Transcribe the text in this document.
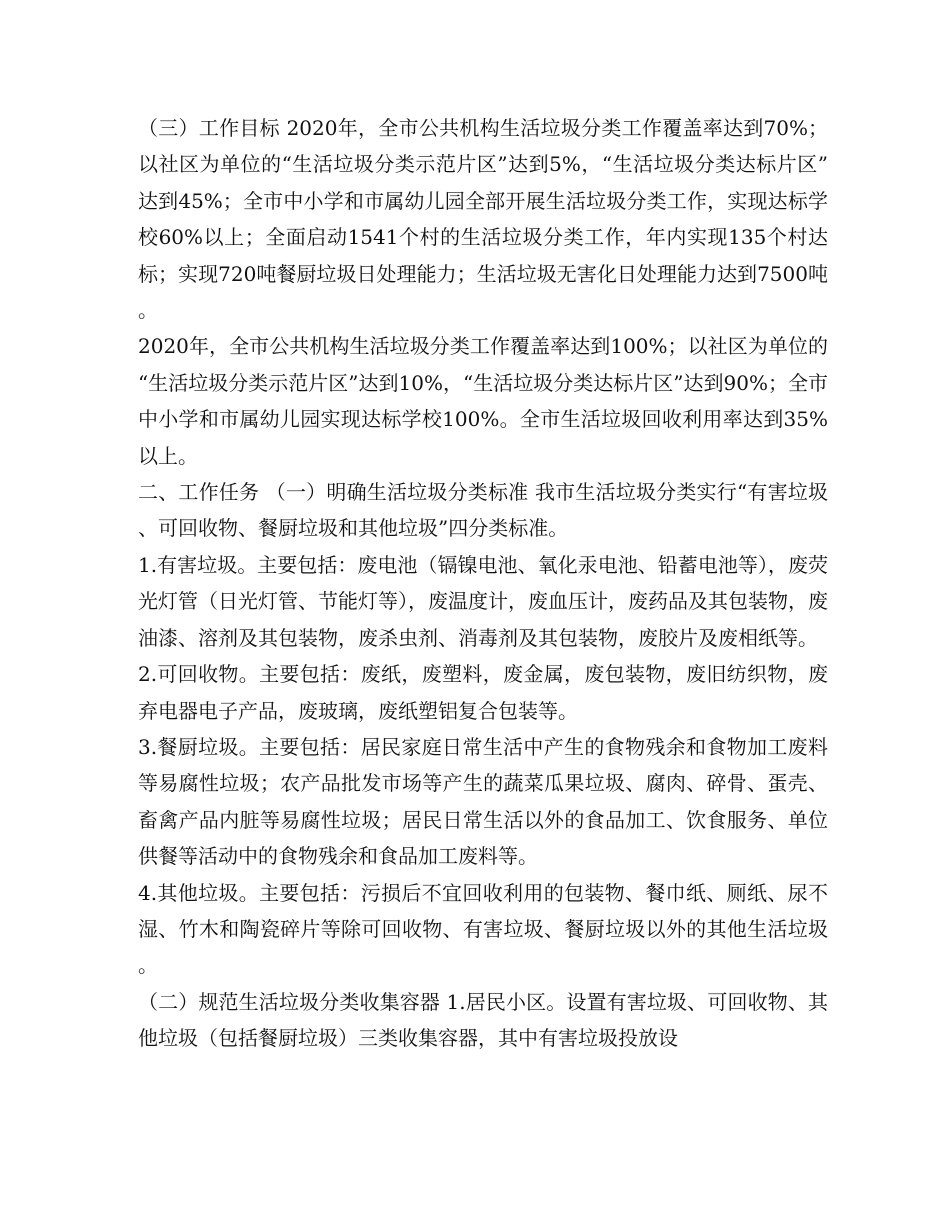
（三）工作目标 2020年，全市公共机构生活垃圾分类工作覆盖率达到70%；以社区为单位的“生活垃圾分类示范片区”达到5%，“生活垃圾分类达标片区”达到45%；全市中小学和市属幼儿园全部开展生活垃圾分类工作，实现达标学校60%以上；全面启动1541个村的生活垃圾分类工作，年内实现135个村达标；实现720吨餐厨垃圾日处理能力；生活垃圾无害化日处理能力达到7500吨。

2020年，全市公共机构生活垃圾分类工作覆盖率达到100%；以社区为单位的“生活垃圾分类示范片区”达到10%，“生活垃圾分类达标片区”达到90%；全市中小学和市属幼儿园实现达标学校100%。全市生活垃圾回收利用率达到35%以上。

二、工作任务 （一）明确生活垃圾分类标准 我市生活垃圾分类实行“有害垃圾、可回收物、餐厨垃圾和其他垃圾”四分类标准。

1.有害垃圾。主要包括：废电池（镉镍电池、氧化汞电池、铅蓄电池等），废荧光灯管（日光灯管、节能灯等），废温度计，废血压计，废药品及其包装物，废油漆、溶剂及其包装物，废杀虫剂、消毒剂及其包装物，废胶片及废相纸等。

2.可回收物。主要包括：废纸，废塑料，废金属，废包装物，废旧纺织物，废弃电器电子产品，废玻璃，废纸塑铝复合包装等。

3.餐厨垃圾。主要包括：居民家庭日常生活中产生的食物残余和食物加工废料等易腐性垃圾；农产品批发市场等产生的蔬菜瓜果垃圾、腐肉、碎骨、蛋壳、畜禽产品内脏等易腐性垃圾；居民日常生活以外的食品加工、饮食服务、单位供餐等活动中的食物残余和食品加工废料等。

4.其他垃圾。主要包括：污损后不宜回收利用的包装物、餐巾纸、厕纸、尿不湿、竹木和陶瓷碎片等除可回收物、有害垃圾、餐厨垃圾以外的其他生活垃圾。

（二）规范生活垃圾分类收集容器 1.居民小区。设置有害垃圾、可回收物、其他垃圾（包括餐厨垃圾）三类收集容器，其中有害垃圾投放设
